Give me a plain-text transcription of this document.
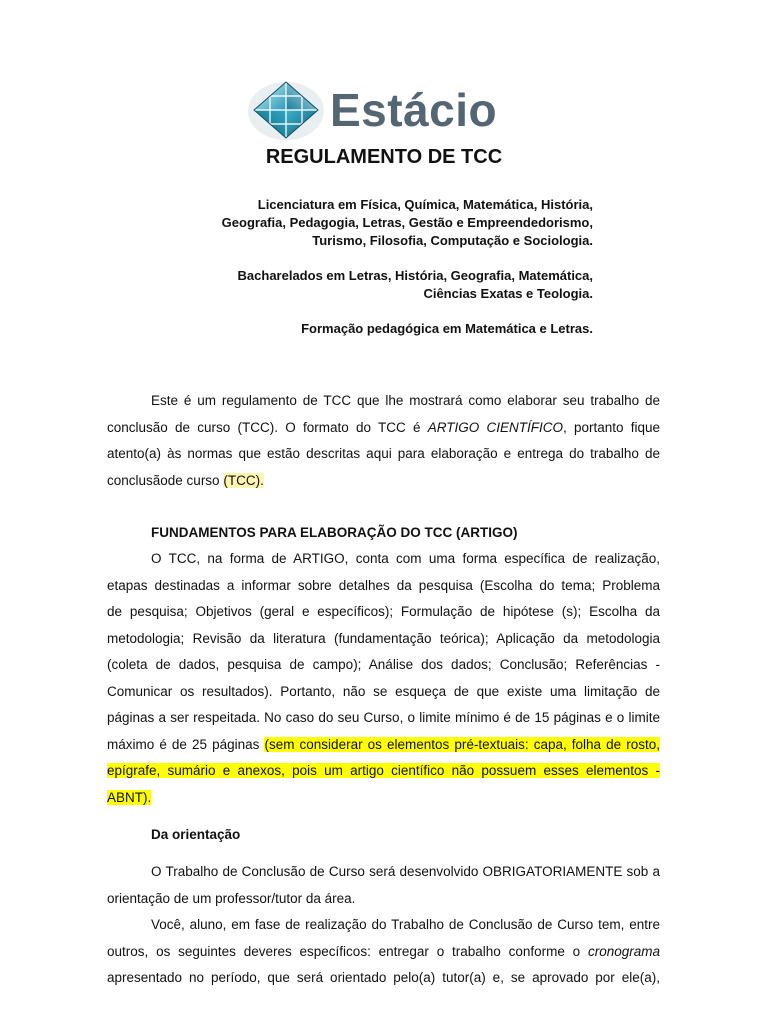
Estácio
REGULAMENTO DE TCC
Licenciatura em Física, Química, Matemática, História,
Geografia, Pedagogia, Letras, Gestão e Empreendedorismo,
Turismo, Filosofia, Computação e Sociologia.
Bacharelados em Letras, História, Geografia, Matemática,
Ciências Exatas e Teologia.
Formação pedagógica em Matemática e Letras.
Este é um regulamento de TCC que lhe mostrará como elaborar seu trabalho de
conclusão de curso (TCC). O formato do TCC é ARTIGO CIENTÍFICO, portanto fique
atento(a) às normas que estão descritas aqui para elaboração e entrega do trabalho de
conclusãode curso (TCC).
FUNDAMENTOS PARA ELABORAÇÃO DO TCC (ARTIGO)
O TCC, na forma de ARTIGO, conta com uma forma específica de realização,
etapas destinadas a informar sobre detalhes da pesquisa (Escolha do tema; Problema
de pesquisa; Objetivos (geral e específicos); Formulação de hipótese (s); Escolha da
metodologia; Revisão da literatura (fundamentação teórica); Aplicação da metodologia
(coleta de dados, pesquisa de campo); Análise dos dados; Conclusão; Referências -
Comunicar os resultados). Portanto, não se esqueça de que existe uma limitação de
páginas a ser respeitada. No caso do seu Curso, o limite mínimo é de 15 páginas e o limite
máximo é de 25 páginas (sem considerar os elementos pré-textuais: capa, folha de rosto,
epígrafe, sumário e anexos, pois um artigo científico não possuem esses elementos -
ABNT).
Da orientação
O Trabalho de Conclusão de Curso será desenvolvido OBRIGATORIAMENTE sob a
orientação de um professor/tutor da área.
Você, aluno, em fase de realização do Trabalho de Conclusão de Curso tem, entre
outros, os seguintes deveres específicos: entregar o trabalho conforme o cronograma
apresentado no período, que será orientado pelo(a) tutor(a) e, se aprovado por ele(a),
